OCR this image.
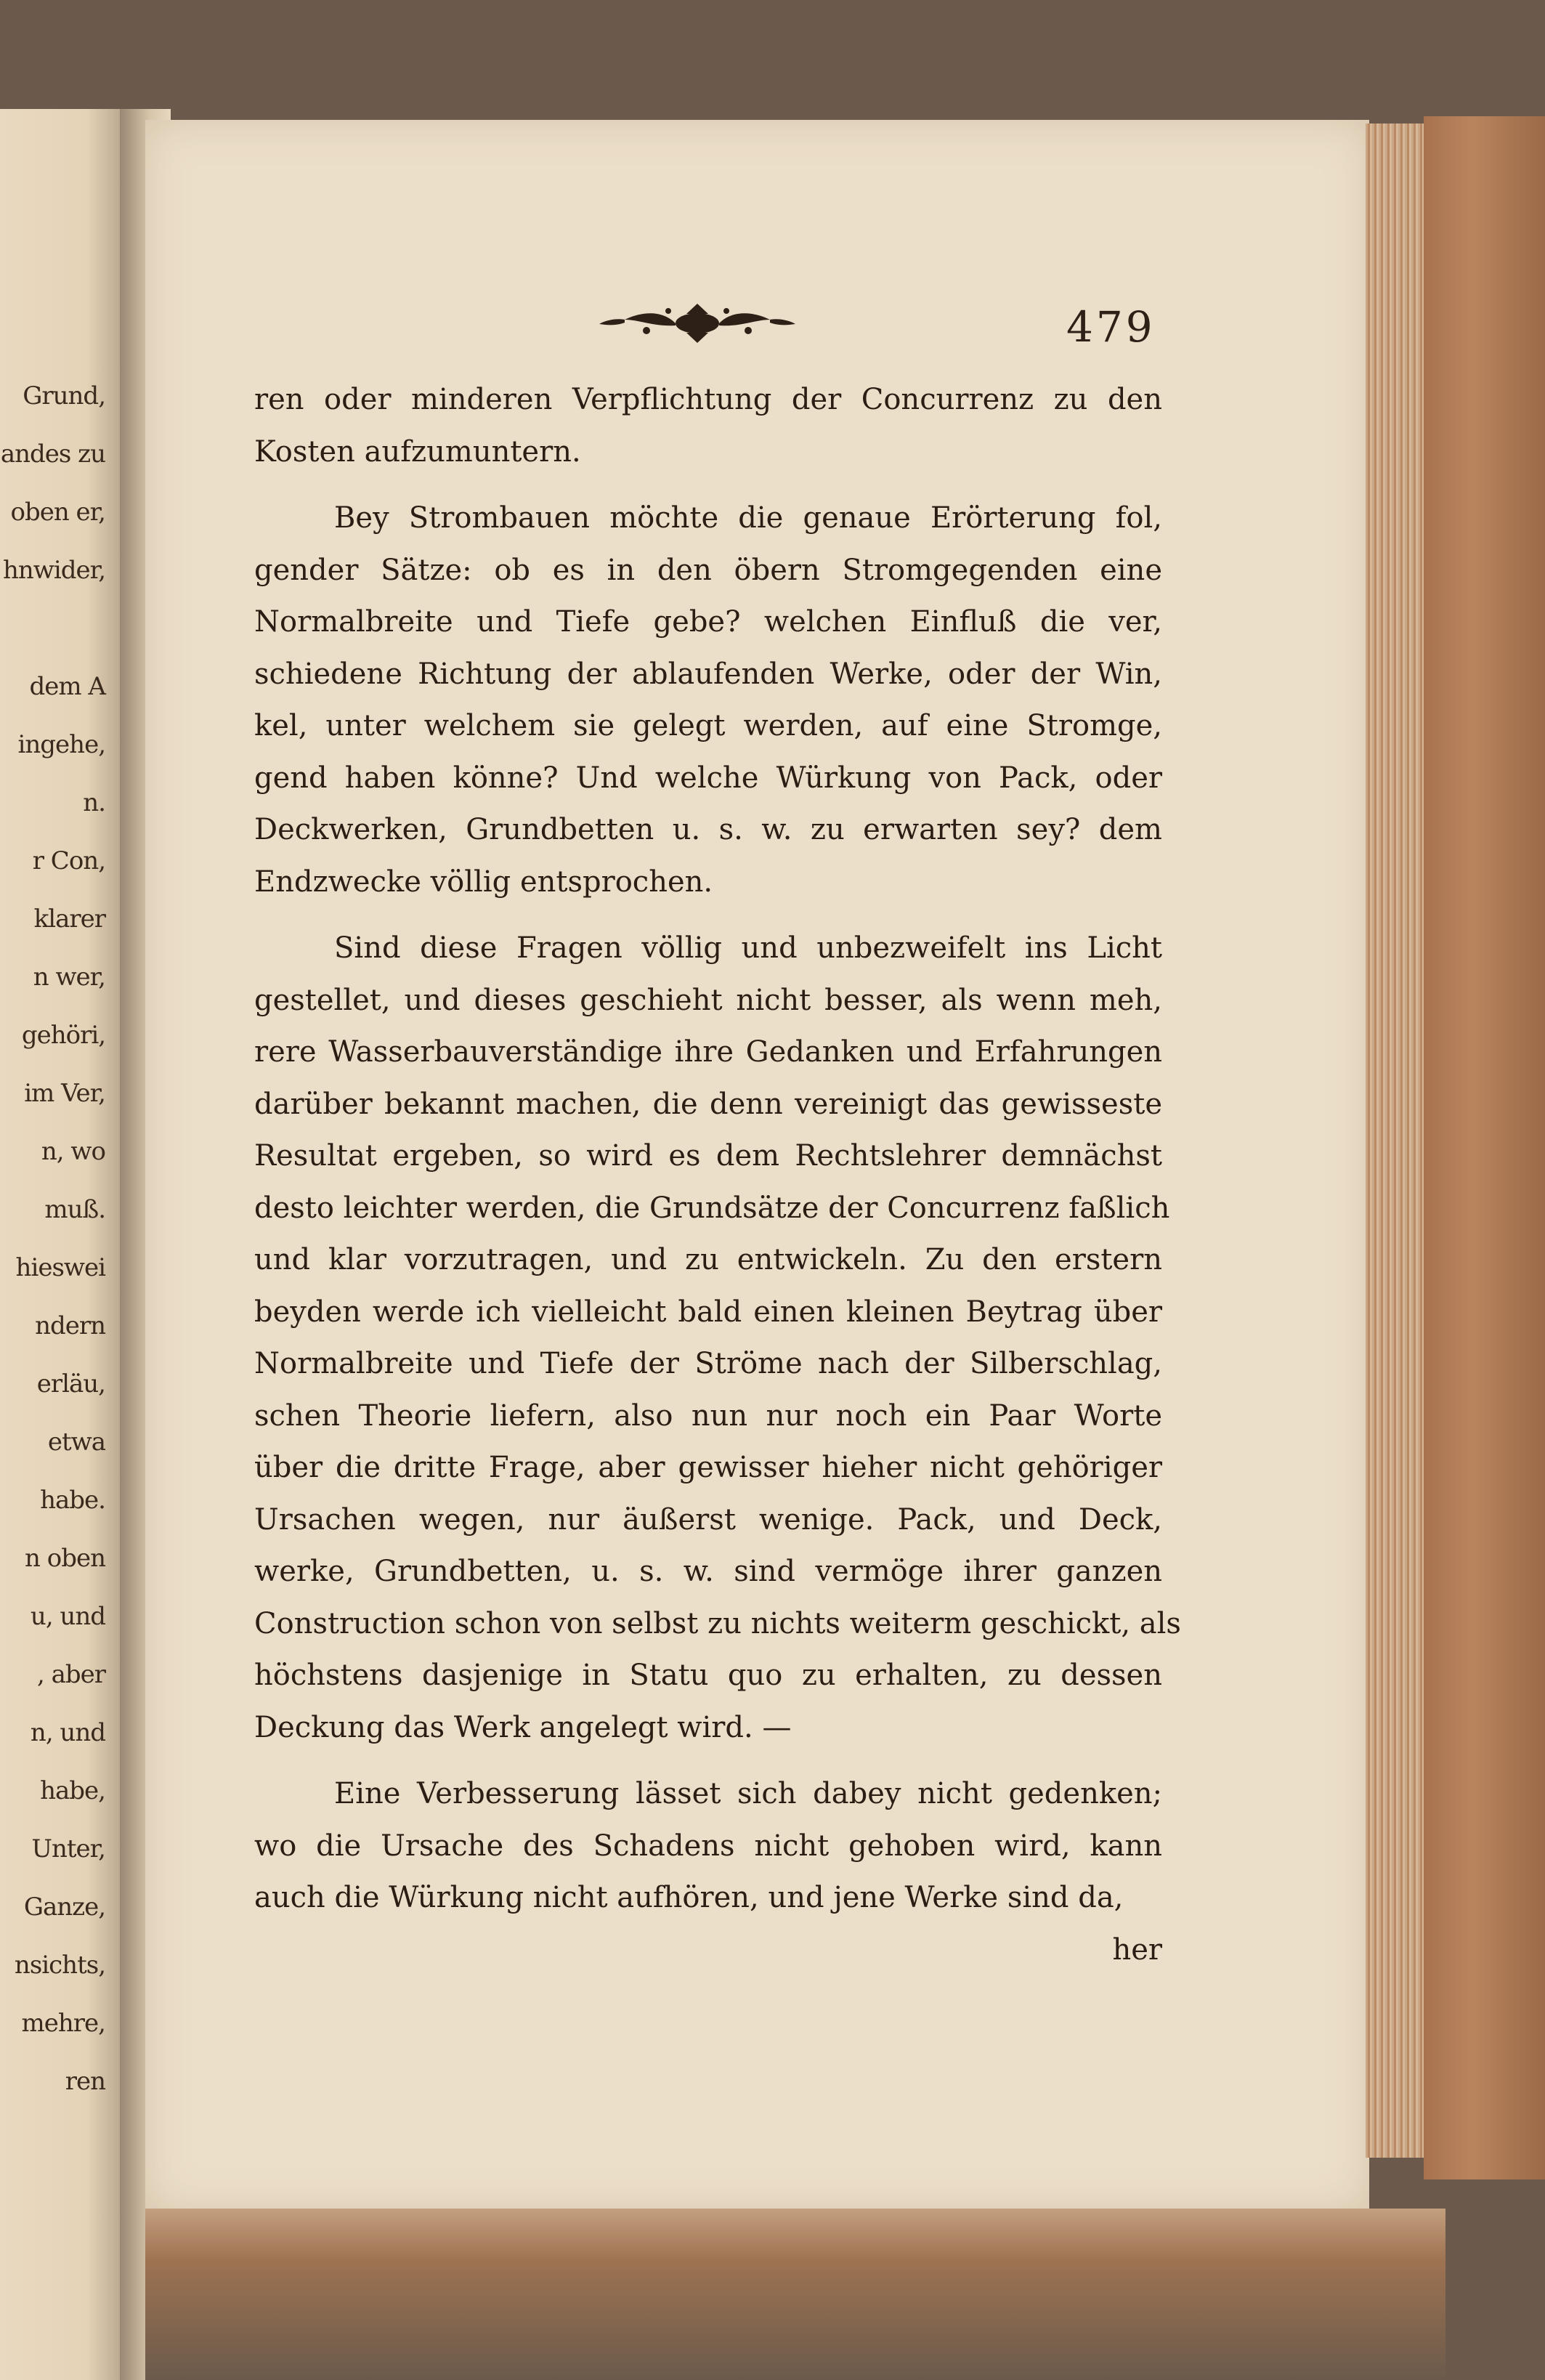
Grund,
andes zu
oben er,
hnwider,
dem A
ingehe,
n.
r Con,
klarer
n wer,
gehöri,
im Ver,
n, wo
muß.
hieswei
ndern
erläu,
etwa
habe.
n oben
u, und
, aber
n, und
habe,
Unter,
Ganze,
nsichts,
mehre,
ren
479
ren oder minderen Verpflichtung der Concurrenz zu den
Kosten aufzumuntern.
Bey Strombauen möchte die genaue Erörterung fol,
gender Sätze: ob es in den öbern Stromgegenden eine
Normalbreite und Tiefe gebe? welchen Einfluß die ver,
schiedene Richtung der ablaufenden Werke, oder der Win,
kel, unter welchem sie gelegt werden, auf eine Stromge,
gend haben könne? Und welche Würkung von Pack, oder
Deckwerken, Grundbetten u. s. w. zu erwarten sey? dem
Endzwecke völlig entsprochen.
Sind diese Fragen völlig und unbezweifelt ins Licht
gestellet, und dieses geschieht nicht besser, als wenn meh,
rere Wasserbauverständige ihre Gedanken und Erfahrungen
darüber bekannt machen, die denn vereinigt das gewisseste
Resultat ergeben, so wird es dem Rechtslehrer demnächst
desto leichter werden, die Grundsätze der Concurrenz faßlich
und klar vorzutragen, und zu entwickeln. Zu den erstern
beyden werde ich vielleicht bald einen kleinen Beytrag über
Normalbreite und Tiefe der Ströme nach der Silberschlag,
schen Theorie liefern, also nun nur noch ein Paar Worte
über die dritte Frage, aber gewisser hieher nicht gehöriger
Ursachen wegen, nur äußerst wenige. Pack, und Deck,
werke, Grundbetten, u. s. w. sind vermöge ihrer ganzen
Construction schon von selbst zu nichts weiterm geschickt, als
höchstens dasjenige in Statu quo zu erhalten, zu dessen
Deckung das Werk angelegt wird. —
Eine Verbesserung lässet sich dabey nicht gedenken;
wo die Ursache des Schadens nicht gehoben wird, kann
auch die Würkung nicht aufhören, und jene Werke sind da,
her
